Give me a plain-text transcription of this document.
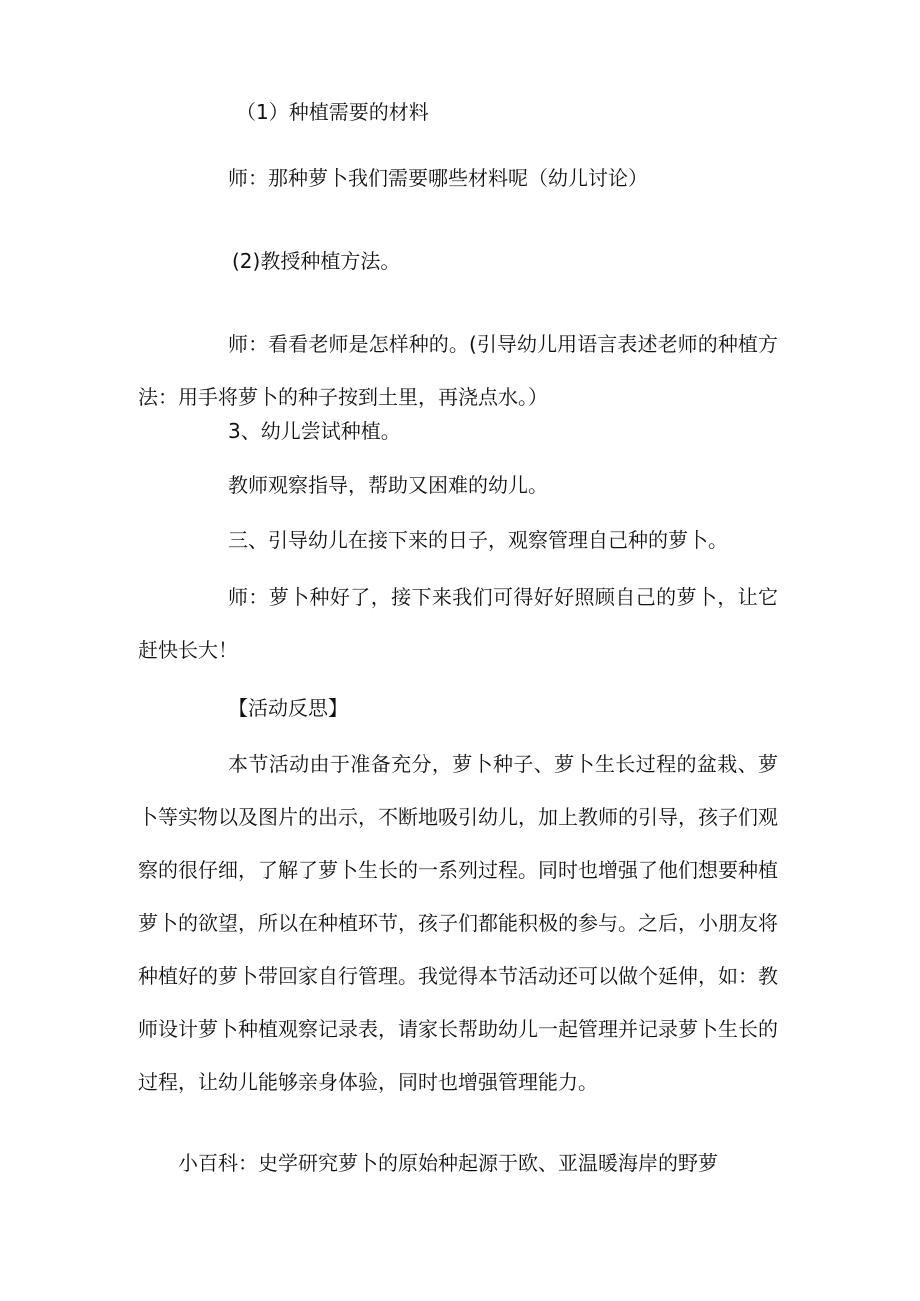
（1）种植需要的材料

师：那种萝卜我们需要哪些材料呢（幼儿讨论）

(2)教授种植方法。

师：看看老师是怎样种的。(引导幼儿用语言表述老师的种植方法：用手将萝卜的种子按到土里，再浇点水。）

3、幼儿尝试种植。

教师观察指导，帮助又困难的幼儿。

三、引导幼儿在接下来的日子，观察管理自己种的萝卜。

师：萝卜种好了，接下来我们可得好好照顾自己的萝卜，让它赶快长大！

【活动反思】

本节活动由于准备充分，萝卜种子、萝卜生长过程的盆栽、萝卜等实物以及图片的出示，不断地吸引幼儿，加上教师的引导，孩子们观察的很仔细，了解了萝卜生长的一系列过程。同时也增强了他们想要种植萝卜的欲望，所以在种植环节，孩子们都能积极的参与。之后，小朋友将种植好的萝卜带回家自行管理。我觉得本节活动还可以做个延伸，如：教师设计萝卜种植观察记录表，请家长帮助幼儿一起管理并记录萝卜生长的过程，让幼儿能够亲身体验，同时也增强管理能力。

小百科：史学研究萝卜的原始种起源于欧、亚温暖海岸的野萝
